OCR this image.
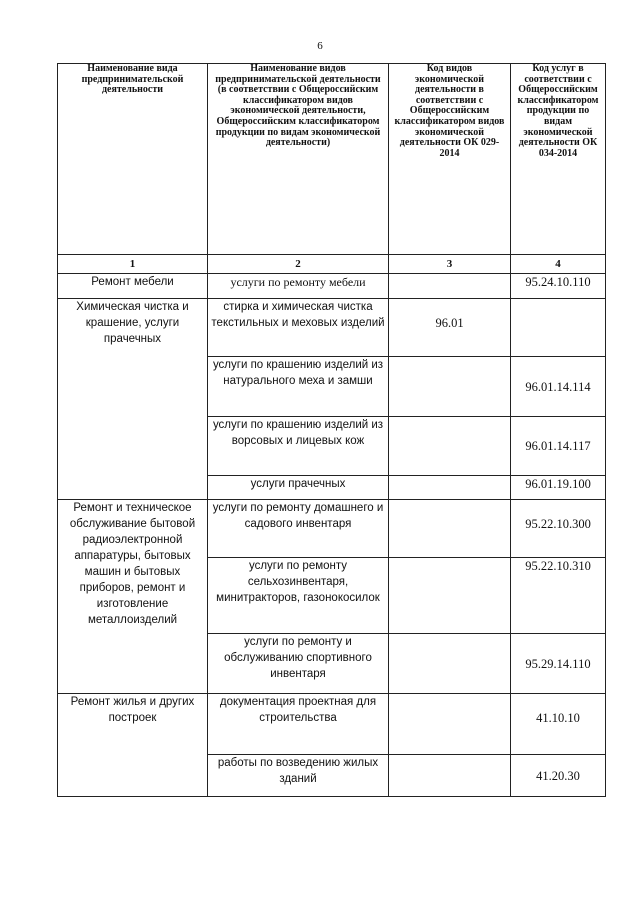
6
Наименование вида предпринимательской деятельности	Наименование видов предпринимательской деятельности (в соответствии с Общероссийским классификатором видов экономической деятельности, Общероссийским классификатором продукции по видам экономической деятельности)	Код видов экономической деятельности в соответствии с Общероссийским классификатором видов экономической деятельности ОК 029-2014	Код услуг в соответствии с Общероссийским классификатором продукции по видам экономической деятельности ОК 034-2014
1	2	3	4
Ремонт мебели	услуги по ремонту мебели		95.24.10.110
Химическая чистка и крашение, услуги прачечных	стирка и химическая чистка текстильных и меховых изделий	96.01	
	услуги по крашению изделий из натурального меха и замши		96.01.14.114
	услуги по крашению изделий из ворсовых и лицевых кож		96.01.14.117
	услуги прачечных		96.01.19.100
Ремонт и техническое обслуживание бытовой радиоэлектронной аппаратуры, бытовых машин и бытовых приборов, ремонт и изготовление металлоизделий	услуги по ремонту домашнего и садового инвентаря		95.22.10.300
	услуги по ремонту сельхозинвентаря, минитракторов, газонокосилок		95.22.10.310
	услуги по ремонту и обслуживанию спортивного инвентаря		95.29.14.110
Ремонт жилья и других построек	документация проектная для строительства		41.10.10
	работы по возведению жилых зданий		41.20.30
